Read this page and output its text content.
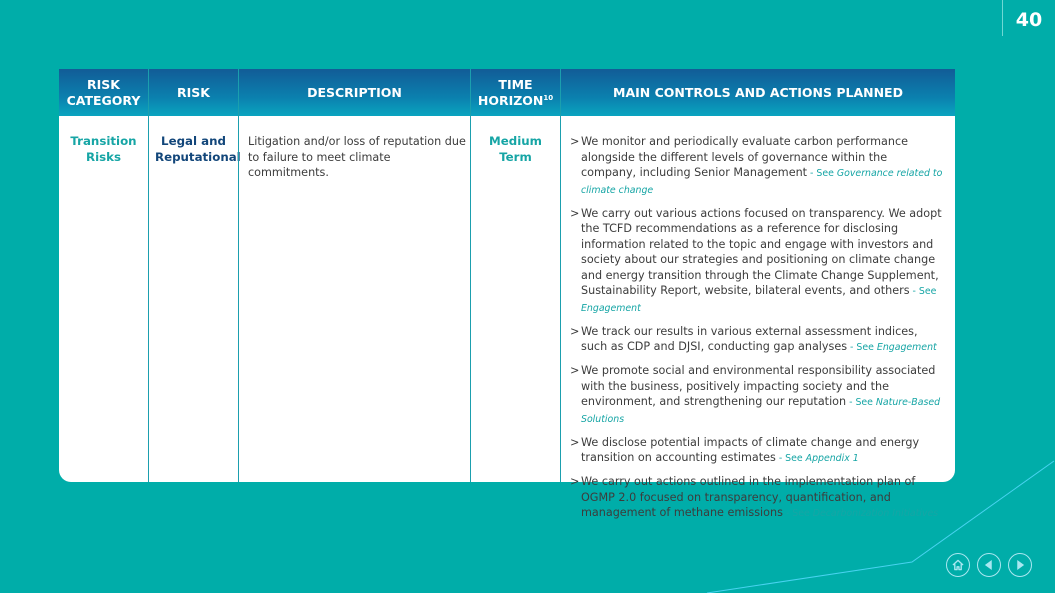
40
RISK CATEGORY
Transition Risks
RISK
Legal and Reputational
DESCRIPTION
Litigation and/or loss of reputation due to failure to meet climate commitments.
TIME HORIZON$^{10}$
Medium Term
MAIN CONTROLS AND ACTIONS PLANNED
> We monitor and periodically evaluate carbon performance alongside the different levels of governance within the company, including Senior Management - See Governance related to climate change
> We carry out various actions focused on transparency. We adopt the TCFD recommendations as a reference for disclosing information related to the topic and engage with investors and society about our strategies and positioning on climate change and energy transition through the Climate Change Supplement, Sustainability Report, website, bilateral events, and others - See Engagement
> We track our results in various external assessment indices, such as CDP and DJSI, conducting gap analyses - See Engagement
> We promote social and environmental responsibility associated with the business, positively impacting society and the environment, and strengthening our reputation - See Nature-Based Solutions
> We disclose potential impacts of climate change and energy transition on accounting estimates - See Appendix 1
> We carry out actions outlined in the implementation plan of OGMP 2.0 focused on transparency, quantification, and management of methane emissions - See Decarbonization Initiatives
